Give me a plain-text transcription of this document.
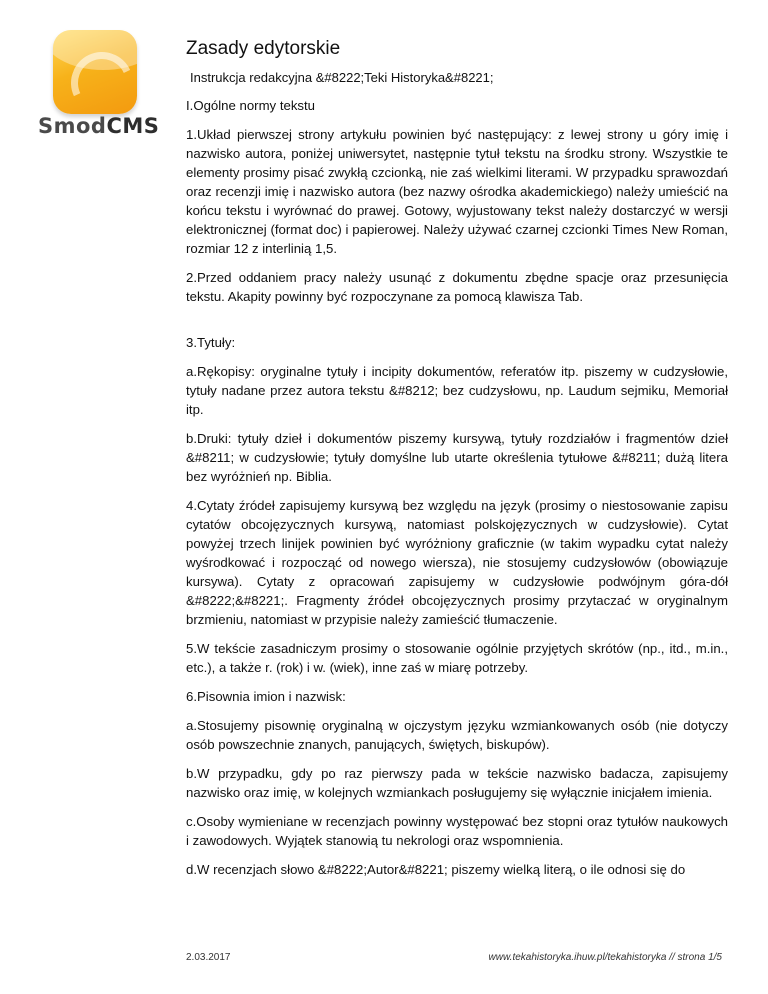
SmodCMS
Zasady edytorskie

Instrukcja redakcyjna &#8222;Teki Historyka&#8221;

I.Ogólne normy tekstu

1.Układ pierwszej strony artykułu powinien być następujący: z lewej strony u góry imię i nazwisko autora, poniżej uniwersytet, następnie tytuł tekstu na środku strony. Wszystkie te elementy prosimy pisać zwykłą czcionką, nie zaś wielkimi literami. W przypadku sprawozdań oraz recenzji imię i nazwisko autora (bez nazwy ośrodka akademickiego) należy umieścić na końcu tekstu i wyrównać do prawej. Gotowy, wyjustowany tekst należy dostarczyć w wersji elektronicznej (format doc) i papierowej. Należy używać czarnej czcionki Times New Roman, rozmiar 12 z interlinią 1,5.

2.Przed oddaniem pracy należy usunąć z dokumentu zbędne spacje oraz przesunięcia tekstu. Akapity powinny być rozpoczynane za pomocą klawisza Tab.

3.Tytuły:

a.Rękopisy: oryginalne tytuły i incipity dokumentów, referatów itp. piszemy w cudzysłowie, tytuły nadane przez autora tekstu &#8212; bez cudzysłowu, np. Laudum sejmiku, Memoriał itp.

b.Druki: tytuły dzieł i dokumentów piszemy kursywą, tytuły rozdziałów i fragmentów dzieł &#8211; w cudzysłowie; tytuły domyślne lub utarte określenia tytułowe &#8211; dużą litera bez wyróżnień np. Biblia.

4.Cytaty źródeł zapisujemy kursywą bez względu na język (prosimy o niestosowanie zapisu cytatów obcojęzycznych kursywą, natomiast polskojęzycznych w cudzysłowie). Cytat powyżej trzech linijek powinien być wyróżniony graficznie (w takim wypadku cytat należy wyśrodkować i rozpocząć od nowego wiersza), nie stosujemy cudzysłowów (obowiązuje kursywa). Cytaty z opracowań zapisujemy w cudzysłowie podwójnym góra-dół &#8222;&#8221;. Fragmenty źródeł obcojęzycznych prosimy przytaczać w oryginalnym brzmieniu, natomiast w przypisie należy zamieścić tłumaczenie.

5.W tekście zasadniczym prosimy o stosowanie ogólnie przyjętych skrótów (np., itd., m.in., etc.), a także r. (rok) i w. (wiek), inne zaś w miarę potrzeby.

6.Pisownia imion i nazwisk:

a.Stosujemy pisownię oryginalną w ojczystym języku wzmiankowanych osób (nie dotyczy osób powszechnie znanych, panujących, świętych, biskupów).

b.W przypadku, gdy po raz pierwszy pada w tekście nazwisko badacza, zapisujemy nazwisko oraz imię, w kolejnych wzmiankach posługujemy się wyłącznie inicjałem imienia.

c.Osoby wymieniane w recenzjach powinny występować bez stopni oraz tytułów naukowych i zawodowych. Wyjątek stanowią tu nekrologi oraz wspomnienia.

d.W recenzjach słowo &#8222;Autor&#8221; piszemy wielką literą, o ile odnosi się do

2.03.2017	www.tekahistoryka.ihuw.pl/tekahistoryka // strona 1/5
